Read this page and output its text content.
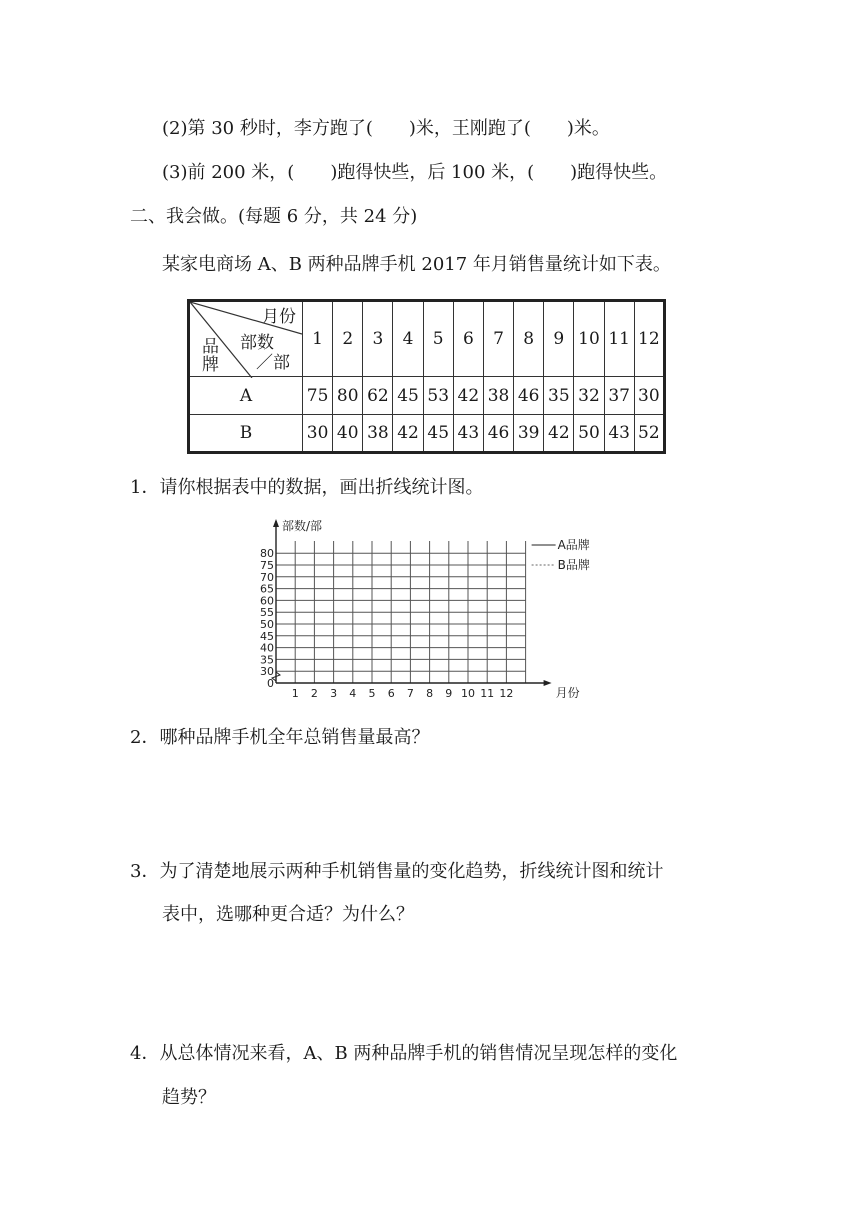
(2)第 30 秒时，李方跑了(　　)米，王刚跑了(　　)米。
(3)前 200 米，(　　)跑得快些，后 100 米，(　　)跑得快些。
二、我会做。(每题 6 分，共 24 分)
某家电商场 A、B 两种品牌手机 2017 年月销售量统计如下表。
月份
部数
／部
品
牌	1	2	3	4	5	6	7	8	9	10	11	12
A	75	80	62	45	53	42	38	46	35	32	37	30
B	30	40	38	42	45	43	46	39	42	50	43	52
1．请你根据表中的数据，画出折线统计图。
0
30
35
40
45
50
55
60
65
70
75
80
1 2 3 4 5 6 7 8 9 10 11 12
部数/部
月份
A品牌
B品牌
2．哪种品牌手机全年总销售量最高？
3．为了清楚地展示两种手机销售量的变化趋势，折线统计图和统计
表中，选哪种更合适？为什么？
4．从总体情况来看，A、B 两种品牌手机的销售情况呈现怎样的变化
趋势？
